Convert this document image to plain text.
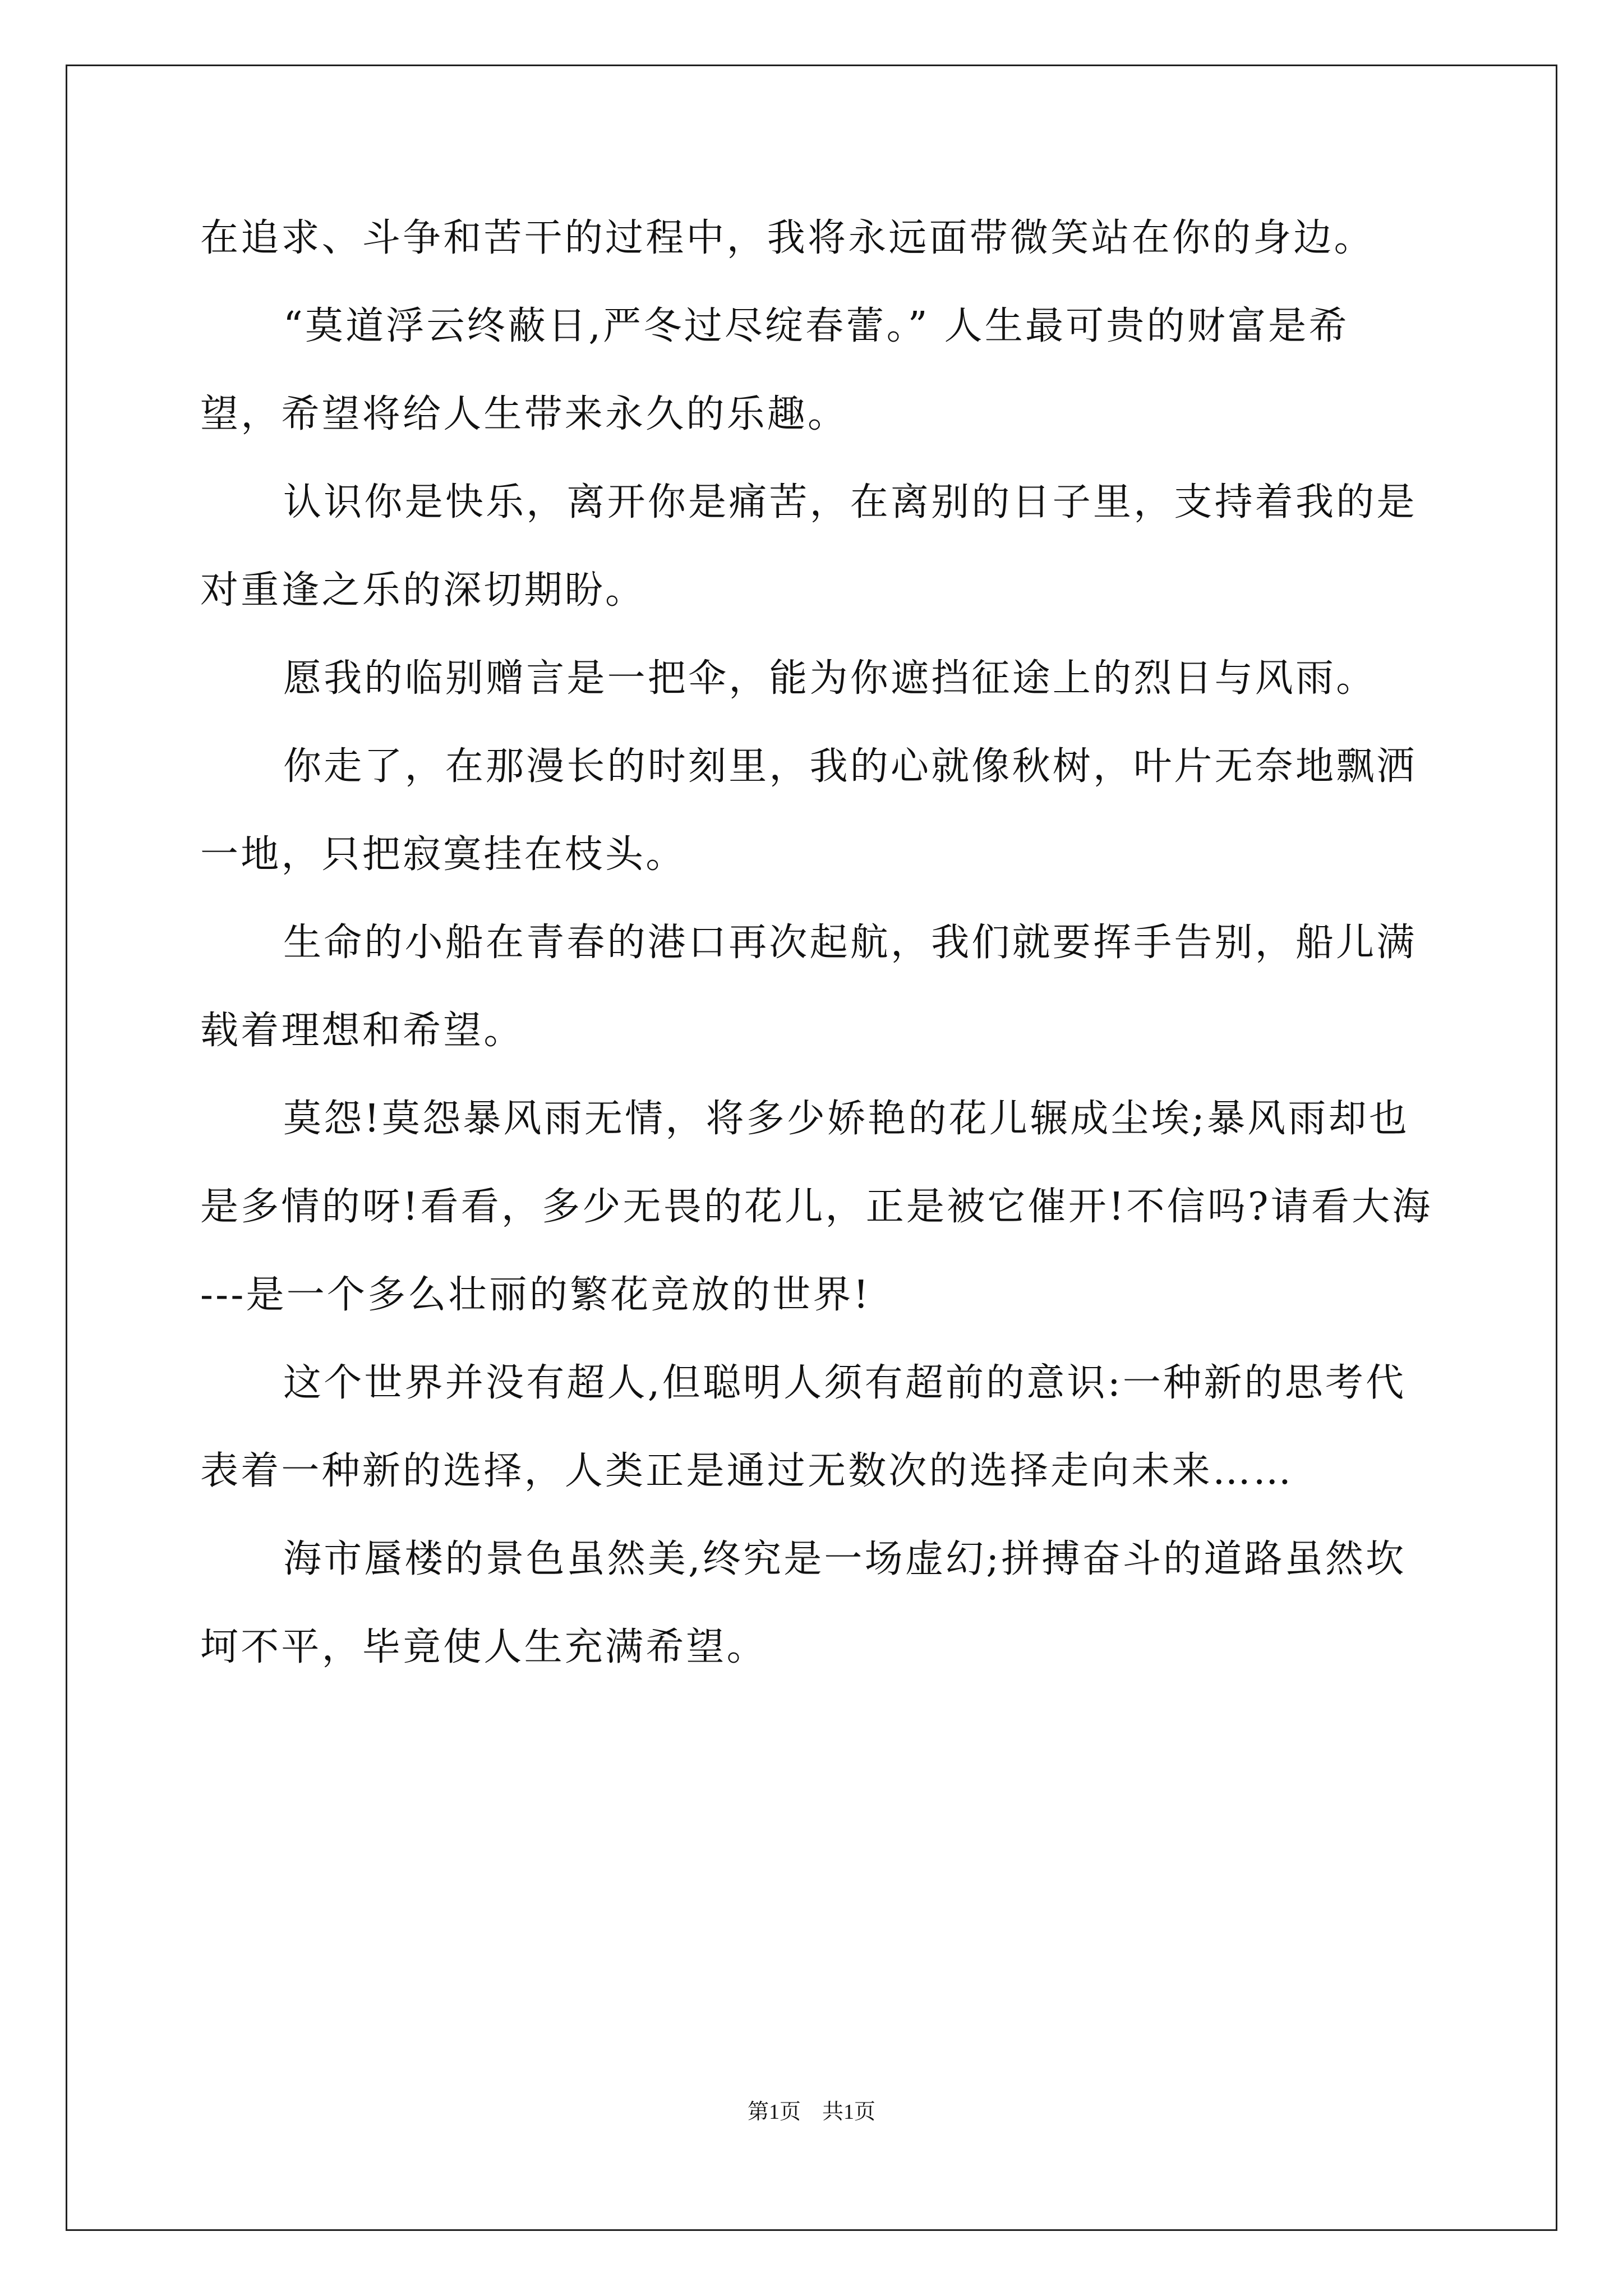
在追求、斗争和苦干的过程中，我将永远面带微笑站在你的身边。
“莫道浮云终蔽日,严冬过尽绽春蕾。” 人生最可贵的财富是希
望，希望将给人生带来永久的乐趣。
认识你是快乐，离开你是痛苦，在离别的日子里，支持着我的是
对重逢之乐的深切期盼。
愿我的临别赠言是一把伞，能为你遮挡征途上的烈日与风雨。
你走了，在那漫长的时刻里，我的心就像秋树，叶片无奈地飘洒
一地，只把寂寞挂在枝头。
生命的小船在青春的港口再次起航，我们就要挥手告别，船儿满
载着理想和希望。
莫怨!莫怨暴风雨无情，将多少娇艳的花儿辗成尘埃;暴风雨却也
是多情的呀!看看，多少无畏的花儿，正是被它催开!不信吗?请看大海
---是一个多么壮丽的繁花竞放的世界!
这个世界并没有超人,但聪明人须有超前的意识:一种新的思考代
表着一种新的选择，人类正是通过无数次的选择走向未来……
海市蜃楼的景色虽然美,终究是一场虚幻;拼搏奋斗的道路虽然坎
坷不平，毕竟使人生充满希望。
第1页　共1页
